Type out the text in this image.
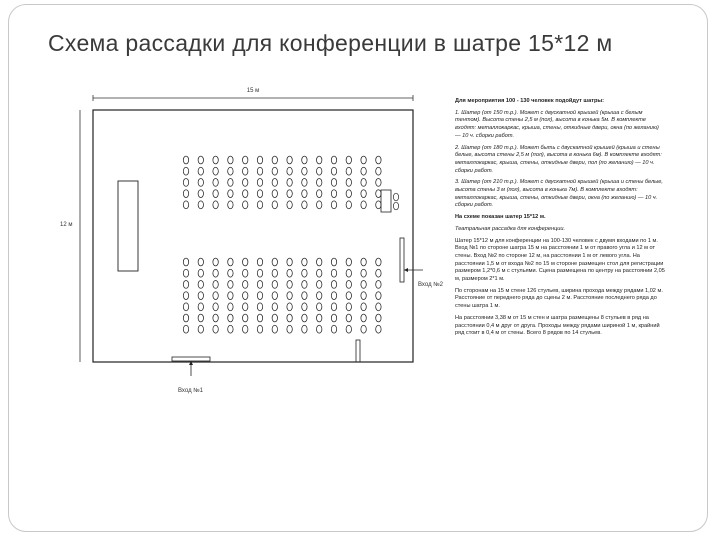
Схема рассадки для конференции в шатре 15*12 м
15 м
12 м
Вход №2
Вход №1

Для мероприятия 100 - 130 человек подойдут шатры:

1. Шатер (от 150 т.р.). Может с двускатной крышей (крыша с белым тентом). Высота стены 2,5 м (пол), высота в конька 5м. В комплекте входят: металлокаркас, крыша, стены, откидные двери, окна (по желанию) — 10 ч. сборки работ.

2. Шатер (от 180 т.р.). Может быть с двускатной крышей (крыша и стены белые, высота стены 2,5 м (пол), высота в конька 6м). В комплекте входят: металлокаркас, крыша, стены, откидные двери, пол (по желанию) — 10 ч. сборки работ.

3. Шатер (от 210 т.р.). Может с двускатной крышей (крыша и стены белые, высота стены 3 м (пол), высота в конька 7м). В комплекте входят: металлокаркас, крыша, стены, откидные двери, окна (по желанию) — 10 ч. сборки работ.

На схеме показан шатер 15*12 м.

Театральная рассадка для конференции.

Шатер 15*12 м для конференции на 100-130 человек с двумя входами по 1 м. Вход №1 по стороне шатра 15 м на расстоянии 1 м от правого угла и 12 м от стены. Вход №2 по стороне 12 м, на расстоянии 1 м от левого угла. На расстоянии 1,5 м от входа №2 по 15 м стороне размещен стол для регистрации размером 1,2*0,6 м с стульями. Сцена размещена по центру на расстоянии 2,05 м, размером 2*1 м.

По сторонам на 15 м стене 126 стульев, ширина прохода между рядами 1,02 м. Расстояние от переднего ряда до сцены 2 м. Расстояние последнего ряда до стены шатра 1 м.

На расстоянии 3,38 м от 15 м стен и шатра размещены 8 стульев в ряд на расстоянии 0,4 м друг от друга. Проходы между рядами шириной 1 м, крайний ряд стоит в 0,4 м от стены. Всего 8 рядов по 14 стульев.
